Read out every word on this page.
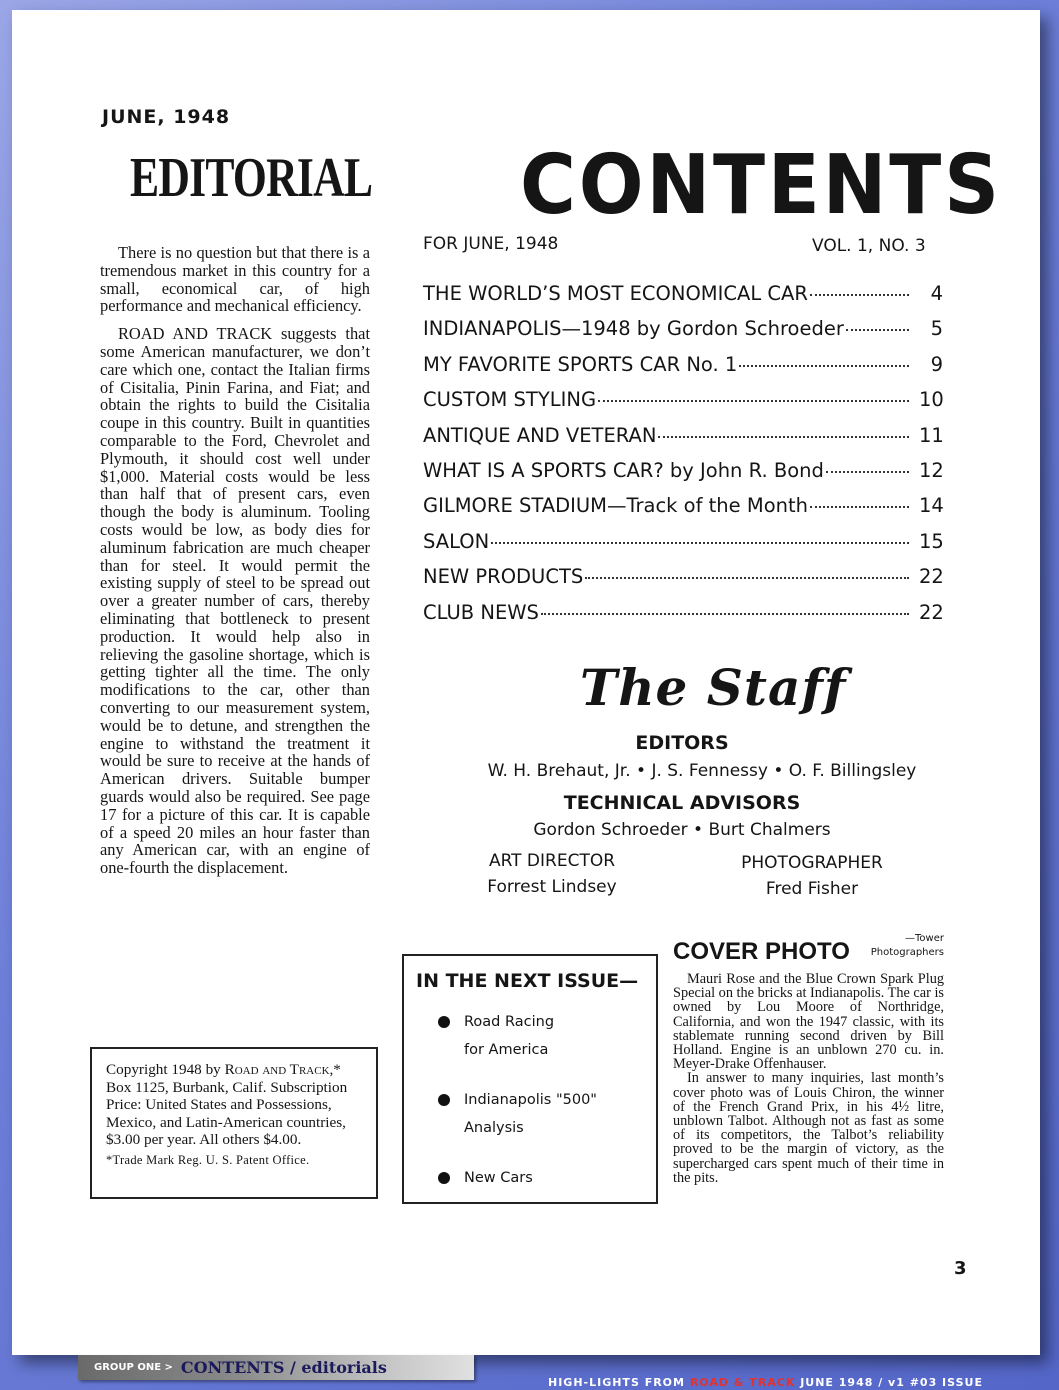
JUNE, 1948
EDITORIAL

There is no question but that there is a tremendous market in this country for a small, economical car, of high performance and mechanical efficiency.

ROAD AND TRACK suggests that some American manufacturer, we don’t care which one, contact the Italian firms of Cisitalia, Pinin Farina, and Fiat; and obtain the rights to build the Cisitalia coupe in this country. Built in quantities comparable to the Ford, Chevrolet and Plymouth, it should cost well under $1,000. Material costs would be less than half that of present cars, even though the body is aluminum. Tooling costs would be low, as body dies for aluminum fabrication are much cheaper than for steel. It would permit the existing supply of steel to be spread out over a greater number of cars, thereby eliminating that bottleneck to present production. It would help also in relieving the gasoline shortage, which is getting tighter all the time. The only modifications to the car, other than converting to our measurement system, would be to detune, and strengthen the engine to withstand the treatment it would be sure to receive at the hands of American drivers. Suitable bumper guards would also be required. See page 17 for a picture of this car. It is capable of a speed 20 miles an hour faster than any American car, with an engine of one-fourth the displacement.

Copyright 1948 by Road and Track,* Box 1125, Burbank, Calif. Subscription Price: United States and Possessions, Mexico, and Latin-American countries, $3.00 per year. All others $4.00.
*Trade Mark Reg. U. S. Patent Office.
CONTENTS
FOR JUNE, 1948	VOL. 1, NO. 3
THE WORLD’S MOST ECONOMICAL CAR	4
INDIANAPOLIS—1948 by Gordon Schroeder	5
MY FAVORITE SPORTS CAR No. 1	9
CUSTOM STYLING	10
ANTIQUE AND VETERAN	11
WHAT IS A SPORTS CAR? by John R. Bond	12
GILMORE STADIUM—Track of the Month	14
SALON	15
NEW PRODUCTS	22
CLUB NEWS	22
The Staff
EDITORS
W. H. Brehaut, Jr. • J. S. Fennessy • O. F. Billingsley
TECHNICAL ADVISORS
Gordon Schroeder • Burt Chalmers
ART DIRECTOR
Forrest Lindsey
PHOTOGRAPHER
Fred Fisher
IN THE NEXT ISSUE—
Road Racing
for America
Indianapolis "500"
Analysis
New Cars
COVER PHOTO	—Tower
Photographers

Mauri Rose and the Blue Crown Spark Plug Special on the bricks at Indianapolis. The car is owned by Lou Moore of Northridge, California, and won the 1947 classic, with its stablemate running second driven by Bill Holland. Engine is an unblown 270 cu. in. Meyer-Drake Offenhauser.

In answer to many inquiries, last month’s cover photo was of Louis Chiron, the winner of the French Grand Prix, in his 4½ litre, unblown Talbot. Although not as fast as some of its competitors, the Talbot’s reliability proved to be the margin of victory, as the supercharged cars spent much of their time in the pits.

3
GROUP ONE > CONTENTS / editorials
HIGH-LIGHTS FROM ROAD & TRACK JUNE 1948 / v1 #03 ISSUE
